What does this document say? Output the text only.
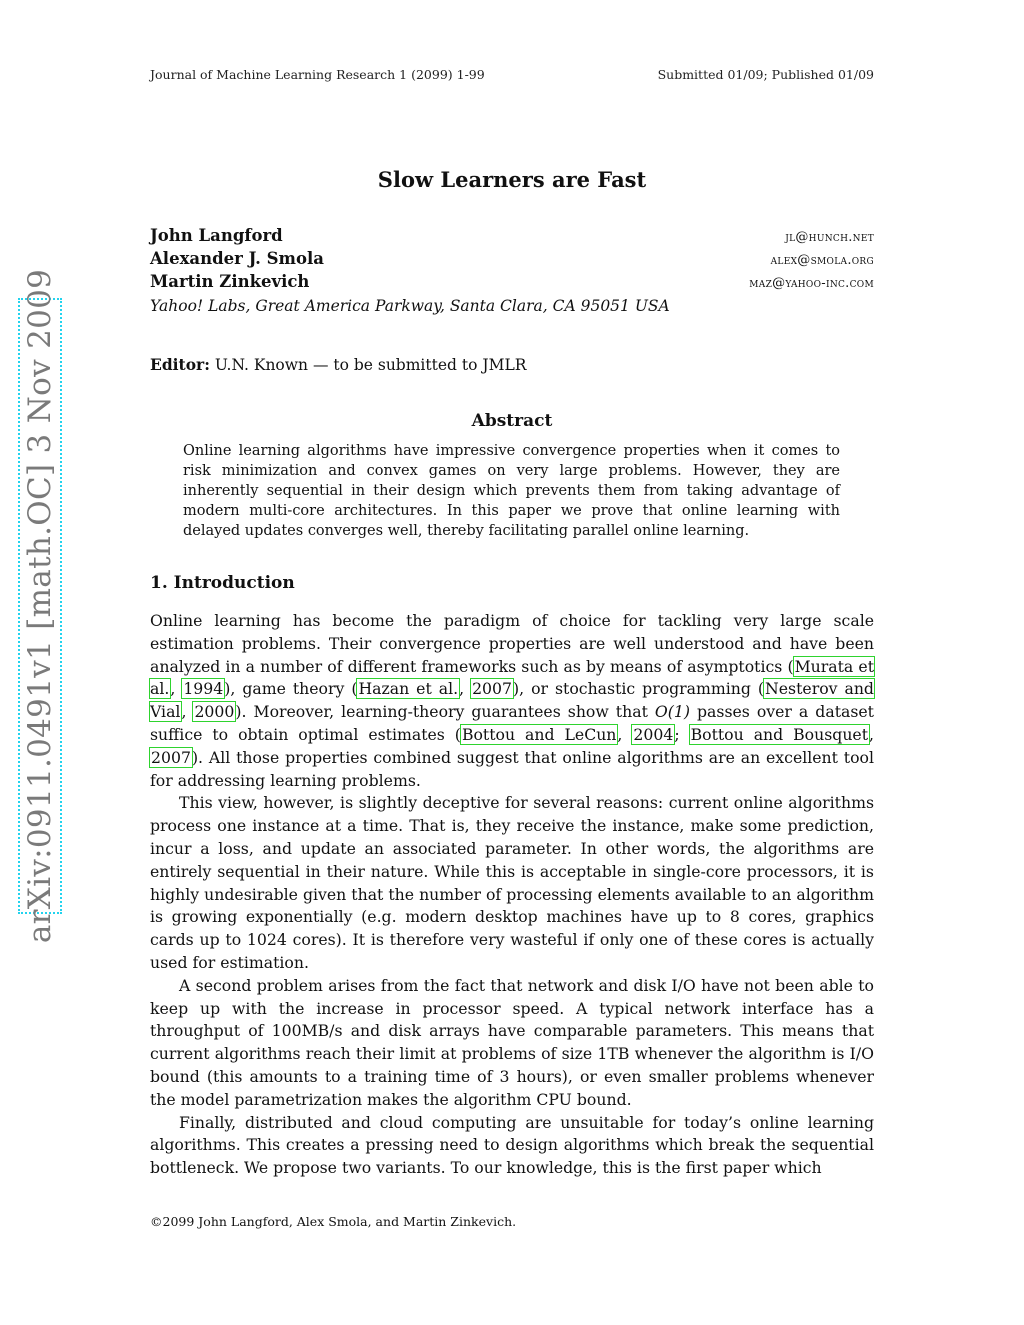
Journal of Machine Learning Research 1 (2099) 1-99	Submitted 01/09; Published 01/09
Slow Learners are Fast
John Langford	jl@hunch.net
Alexander J. Smola	alex@smola.org
Martin Zinkevich	maz@yahoo-inc.com
Yahoo! Labs, Great America Parkway, Santa Clara, CA 95051 USA
Editor: U.N. Known — to be submitted to JMLR
Abstract
Online learning algorithms have impressive convergence properties when it comes to risk minimization and convex games on very large problems. However, they are inherently sequential in their design which prevents them from taking advantage of modern multi-core architectures. In this paper we prove that online learning with delayed updates converges well, thereby facilitating parallel online learning.
1. Introduction

Online learning has become the paradigm of choice for tackling very large scale estimation problems. Their convergence properties are well understood and have been analyzed in a number of different frameworks such as by means of asymptotics (Murata et al., 1994), game theory (Hazan et al., 2007), or stochastic programming (Nesterov and Vial, 2000). Moreover, learning-theory guarantees show that O(1) passes over a dataset suffice to obtain optimal estimates (Bottou and LeCun, 2004; Bottou and Bousquet, 2007). All those properties combined suggest that online algorithms are an excellent tool for addressing learning problems.

This view, however, is slightly deceptive for several reasons: current online algorithms process one instance at a time. That is, they receive the instance, make some prediction, incur a loss, and update an associated parameter. In other words, the algorithms are entirely sequential in their nature. While this is acceptable in single-core processors, it is highly undesirable given that the number of processing elements available to an algorithm is growing exponentially (e.g. modern desktop machines have up to 8 cores, graphics cards up to 1024 cores). It is therefore very wasteful if only one of these cores is actually used for estimation.

A second problem arises from the fact that network and disk I/O have not been able to keep up with the increase in processor speed. A typical network interface has a throughput of 100MB/s and disk arrays have comparable parameters. This means that current algorithms reach their limit at problems of size 1TB whenever the algorithm is I/O bound (this amounts to a training time of 3 hours), or even smaller problems whenever the model parametrization makes the algorithm CPU bound.

Finally, distributed and cloud computing are unsuitable for today’s online learning algorithms. This creates a pressing need to design algorithms which break the sequential bottleneck. We propose two variants. To our knowledge, this is the first paper which

©2099 John Langford, Alex Smola, and Martin Zinkevich.
arXiv:0911.0491v1 [math.OC] 3 Nov 2009
